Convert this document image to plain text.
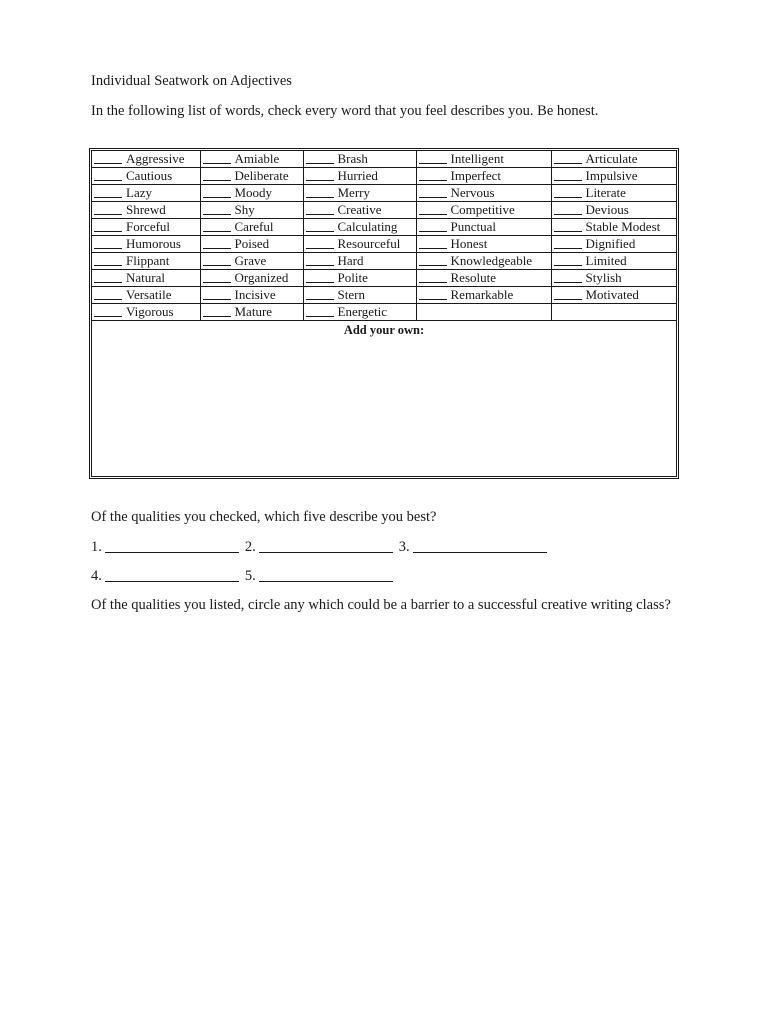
Individual Seatwork on Adjectives
In the following list of words, check every word that you feel describes you. Be honest.
Aggressive	Amiable	Brash	Intelligent	Articulate
Cautious	Deliberate	Hurried	Imperfect	Impulsive
Lazy	Moody	Merry	Nervous	Literate
Shrewd	Shy	Creative	Competitive	Devious
Forceful	Careful	Calculating	Punctual	Stable Modest
Humorous	Poised	Resourceful	Honest	Dignified
Flippant	Grave	Hard	Knowledgeable	Limited
Natural	Organized	Polite	Resolute	Stylish
Versatile	Incisive	Stern	Remarkable	Motivated
Vigorous	Mature	Energetic		
Add your own:
Of the qualities you checked, which five describe you best?
1.	2.	3.
4.	5.
Of the qualities you listed, circle any which could be a barrier to a successful creative writing class?
